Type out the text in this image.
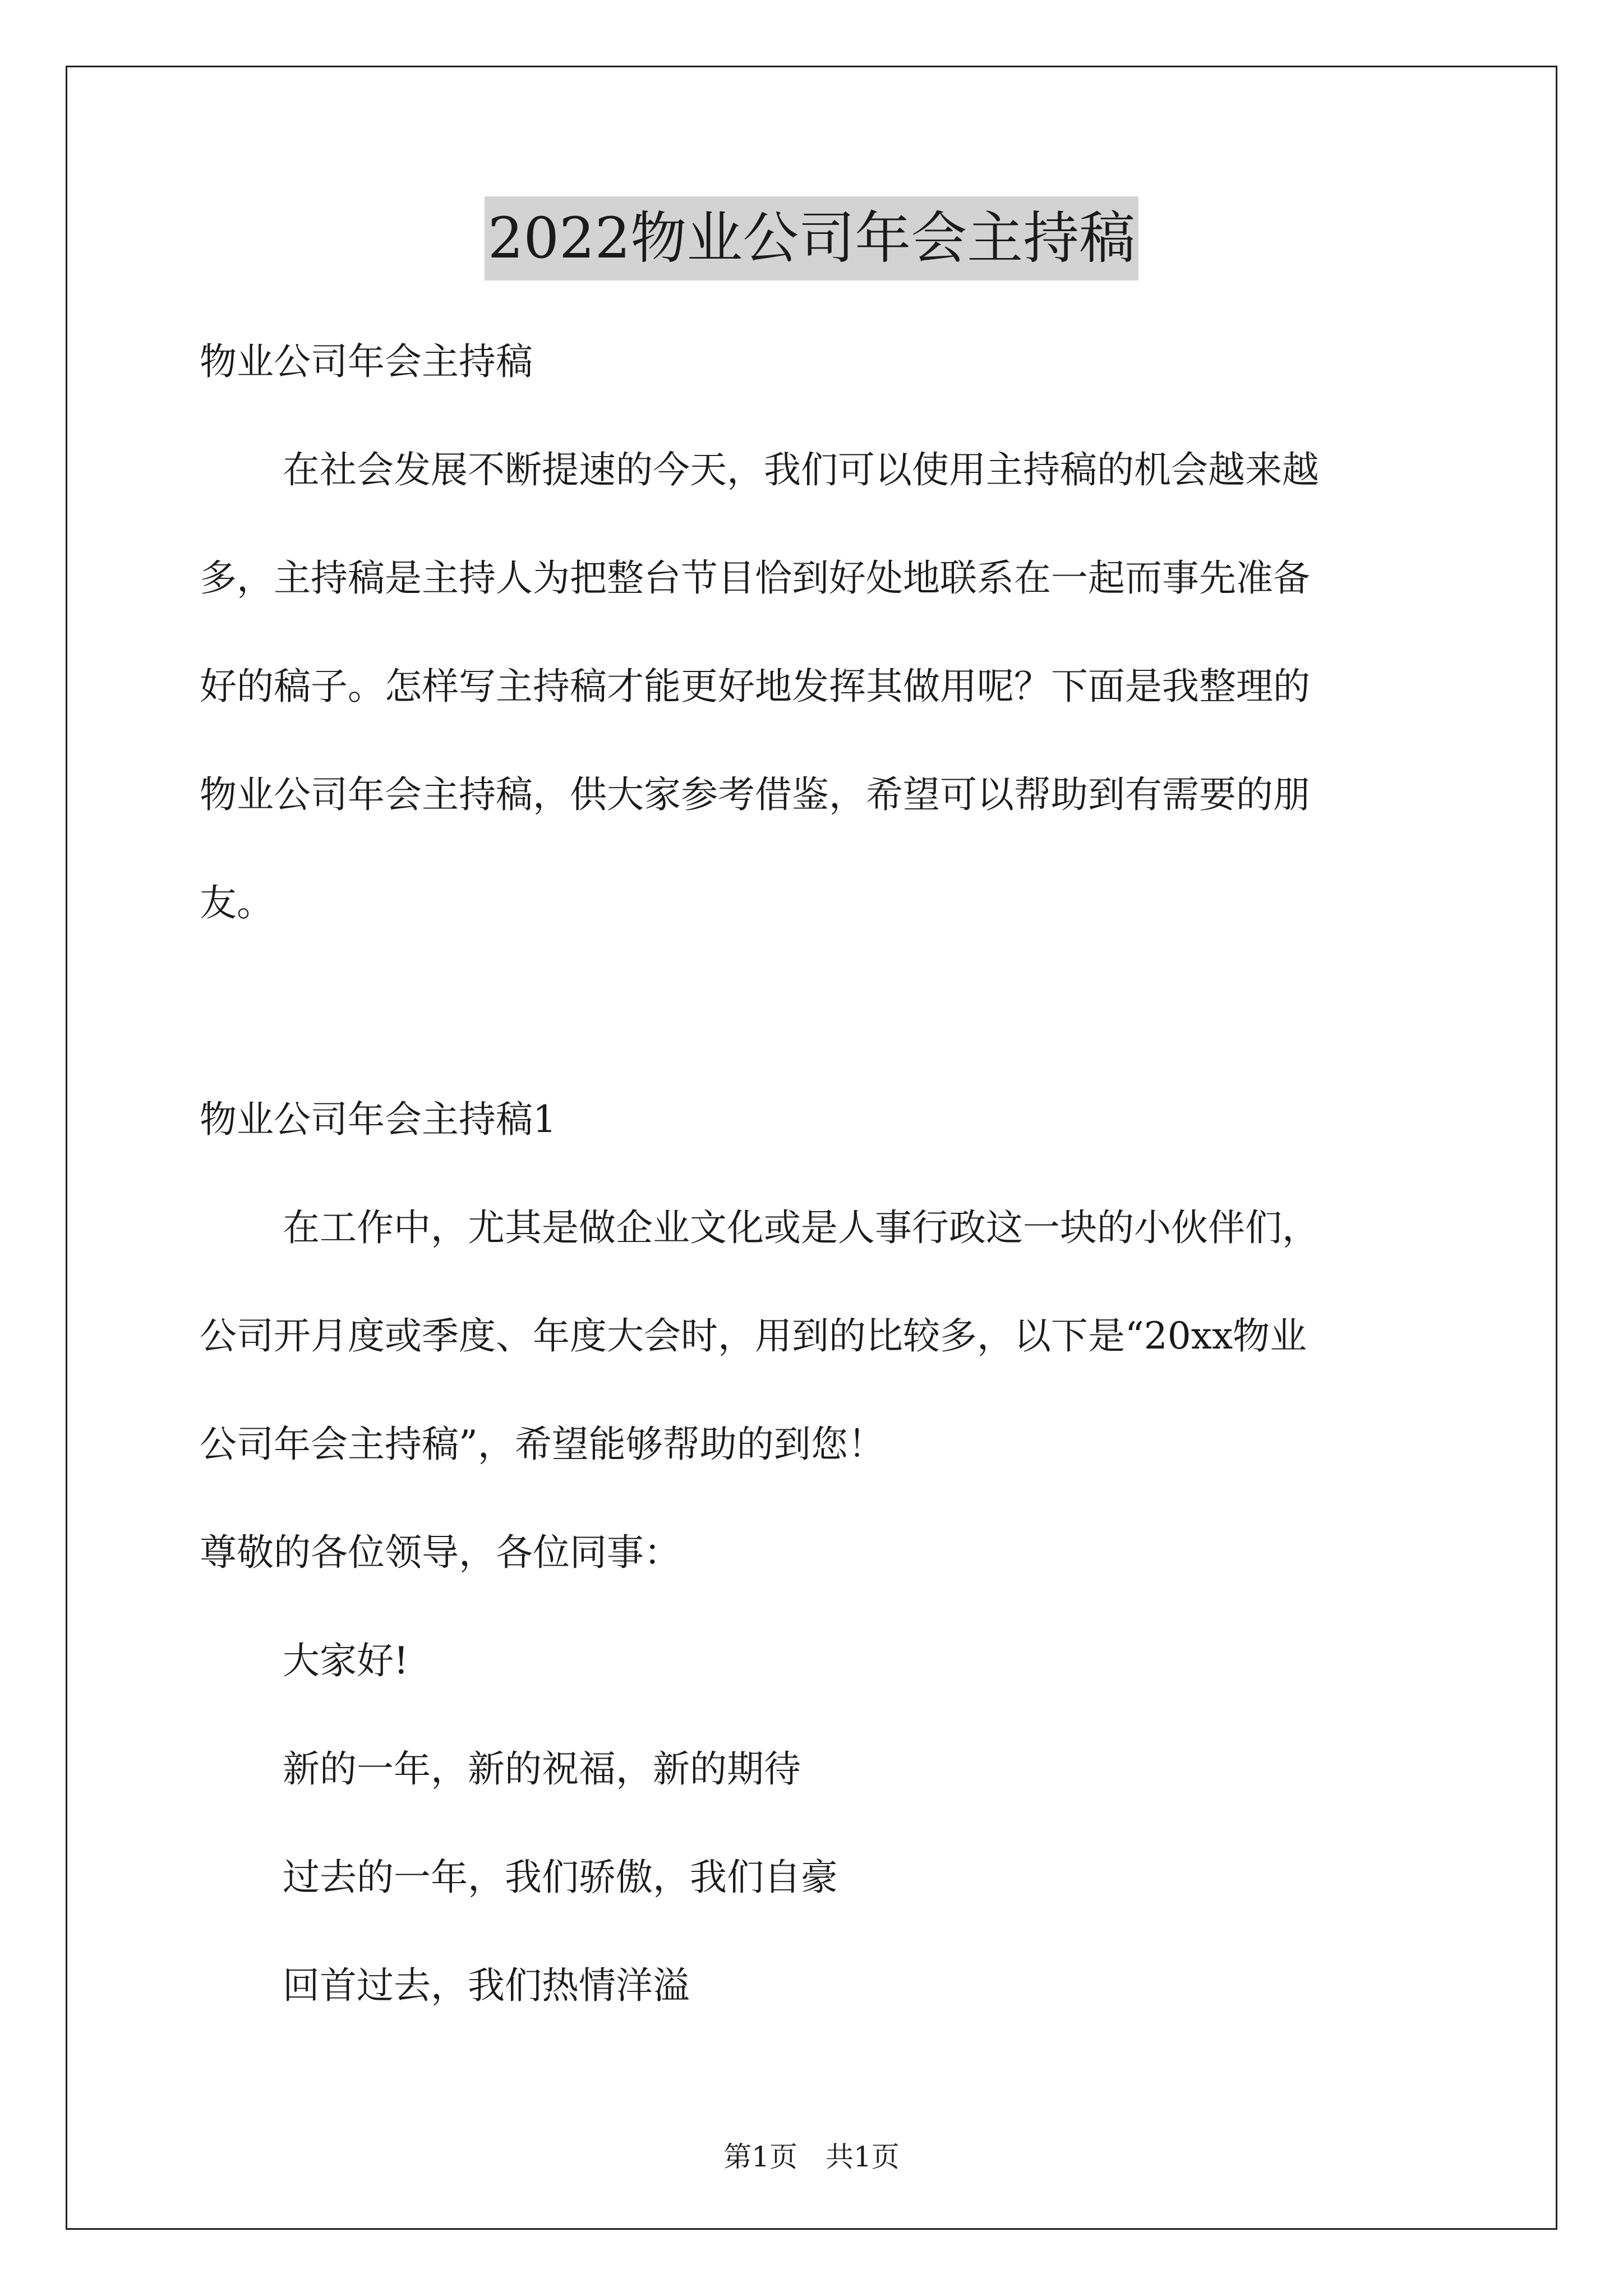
2022物业公司年会主持稿

物业公司年会主持稿

在社会发展不断提速的今天，我们可以使用主持稿的机会越来越

多，主持稿是主持人为把整台节目恰到好处地联系在一起而事先准备

好的稿子。怎样写主持稿才能更好地发挥其做用呢？下面是我整理的

物业公司年会主持稿，供大家参考借鉴，希望可以帮助到有需要的朋

友。

物业公司年会主持稿1

在工作中，尤其是做企业文化或是人事行政这一块的小伙伴们，

公司开月度或季度、年度大会时，用到的比较多，以下是“20xx物业

公司年会主持稿”，希望能够帮助的到您！

尊敬的各位领导，各位同事：

大家好!

新的一年，新的祝福，新的期待

过去的一年，我们骄傲，我们自豪

回首过去，我们热情洋溢

第1页 共1页
